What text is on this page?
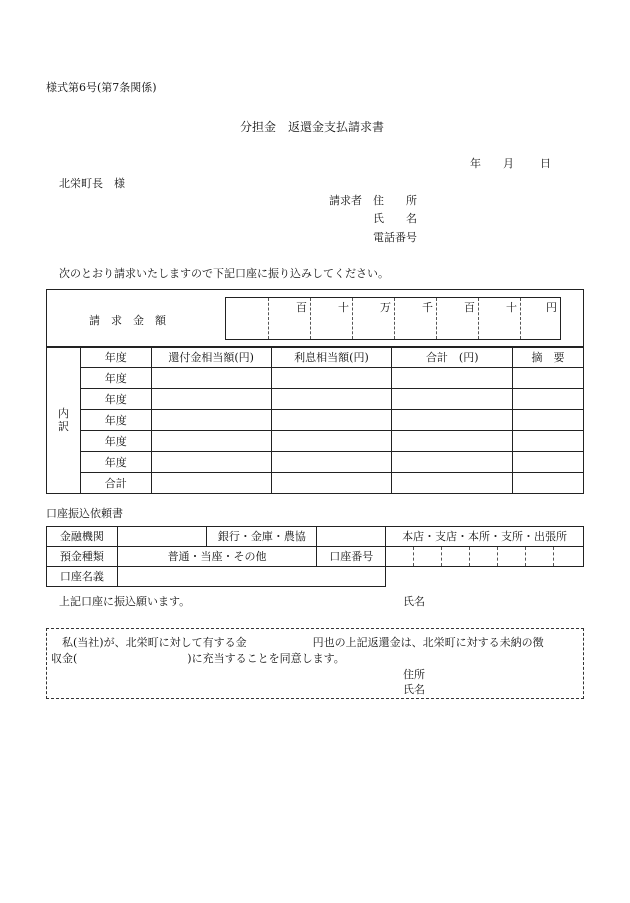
様式第6号(第7条関係)
分担金　返還金支払請求書
年 月 日
北栄町長　様
請求者 住　　所
氏　　名
電話番号
次のとおり請求いたしますので下記口座に振り込みしてください。
請　求　金　額
百	十	万	千	百	十	円
内訳	年度	還付金相当額(円)	利息相当額(円)	合計　(円)	摘　要
	年度				
	年度				
	年度				
	年度				
	年度				
	合計				
口座振込依頼書
金融機関		銀行・金庫・農協		本店・支店・本所・支所・出張所						
預金種類	普通・当座・その他		口座番号							
口座名義										
上記口座に振込願います。	氏名
私(当社)が、北栄町に対して有する金　　　　　　円也の上記返還金は、北栄町に対する未納の徴
収金(　　　　　　　　　　)に充当することを同意します。
住所
氏名
